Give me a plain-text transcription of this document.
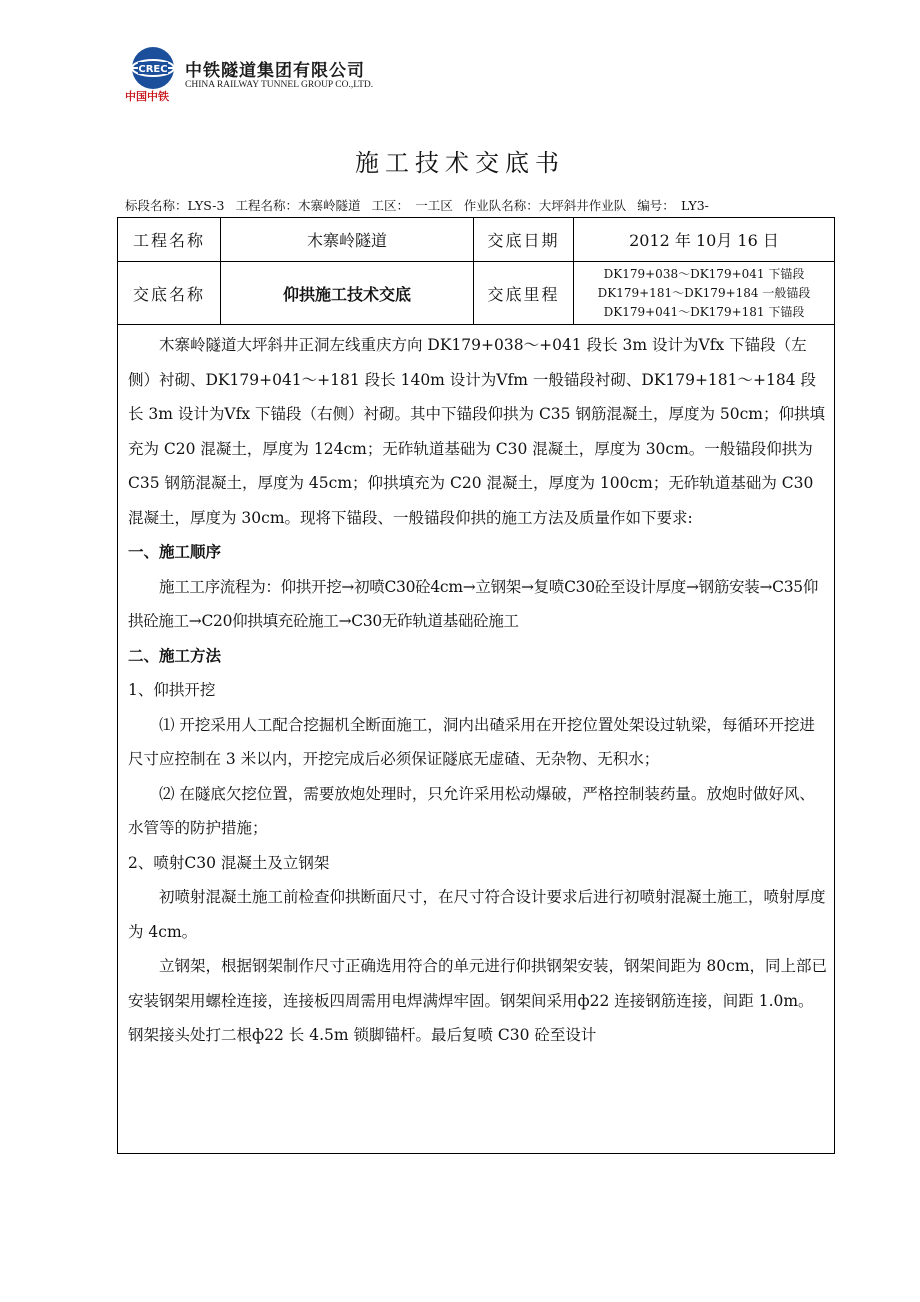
CREC
中国中铁
中铁隧道集团有限公司
CHINA RAILWAY TUNNEL GROUP CO.,LTD.
施工技术交底书
标段名称：LYS-3 工程名称：木寨岭隧道 工区：　一工区 作业队名称：大坪斜井作业队 编号：　LY3-
工程名称	木寨岭隧道	交底日期	2012 年 10月 16 日
交底名称	仰拱施工技术交底	交底里程
DK179+038～DK179+041 下锚段
DK179+181～DK179+184 一般锚段
DK179+041～DK179+181 下锚段

木寨岭隧道大坪斜井正洞左线重庆方向 DK179+038～+041 段长 3m 设计为Ⅴfx 下锚段（左侧）衬砌、DK179+041～+181 段长 140m 设计为Ⅴfm 一般锚段衬砌、DK179+181～+184 段长 3m 设计为Ⅴfx 下锚段（右侧）衬砌。其中下锚段仰拱为 C35 钢筋混凝土，厚度为 50cm；仰拱填充为 C20 混凝土，厚度为 124cm；无砟轨道基础为 C30 混凝土，厚度为 30cm。一般锚段仰拱为 C35 钢筋混凝土，厚度为 45cm；仰拱填充为 C20 混凝土，厚度为 100cm；无砟轨道基础为 C30 混凝土，厚度为 30cm。现将下锚段、一般锚段仰拱的施工方法及质量作如下要求:

一、施工顺序

施工工序流程为：仰拱开挖→初喷C30砼4cm→立钢架→复喷C30砼至设计厚度→钢筋安装→C35仰拱砼施工→C20仰拱填充砼施工→C30无砟轨道基础砼施工

二、施工方法

1、仰拱开挖

⑴ 开挖采用人工配合挖掘机全断面施工，洞内出碴采用在开挖位置处架设过轨梁，每循环开挖进尺寸应控制在 3 米以内，开挖完成后必须保证隧底无虚碴、无杂物、无积水；

⑵ 在隧底欠挖位置，需要放炮处理时，只允许采用松动爆破，严格控制装药量。放炮时做好风、水管等的防护措施；

2、喷射C30 混凝土及立钢架

初喷射混凝土施工前检查仰拱断面尺寸，在尺寸符合设计要求后进行初喷射混凝土施工，喷射厚度为 4cm。

立钢架，根据钢架制作尺寸正确选用符合的单元进行仰拱钢架安装，钢架间距为 80cm，同上部已安装钢架用螺栓连接，连接板四周需用电焊满焊牢固。钢架间采用ф22 连接钢筋连接，间距 1.0m。钢架接头处打二根ф22 长 4.5m 锁脚锚杆。最后复喷 C30 砼至设计
